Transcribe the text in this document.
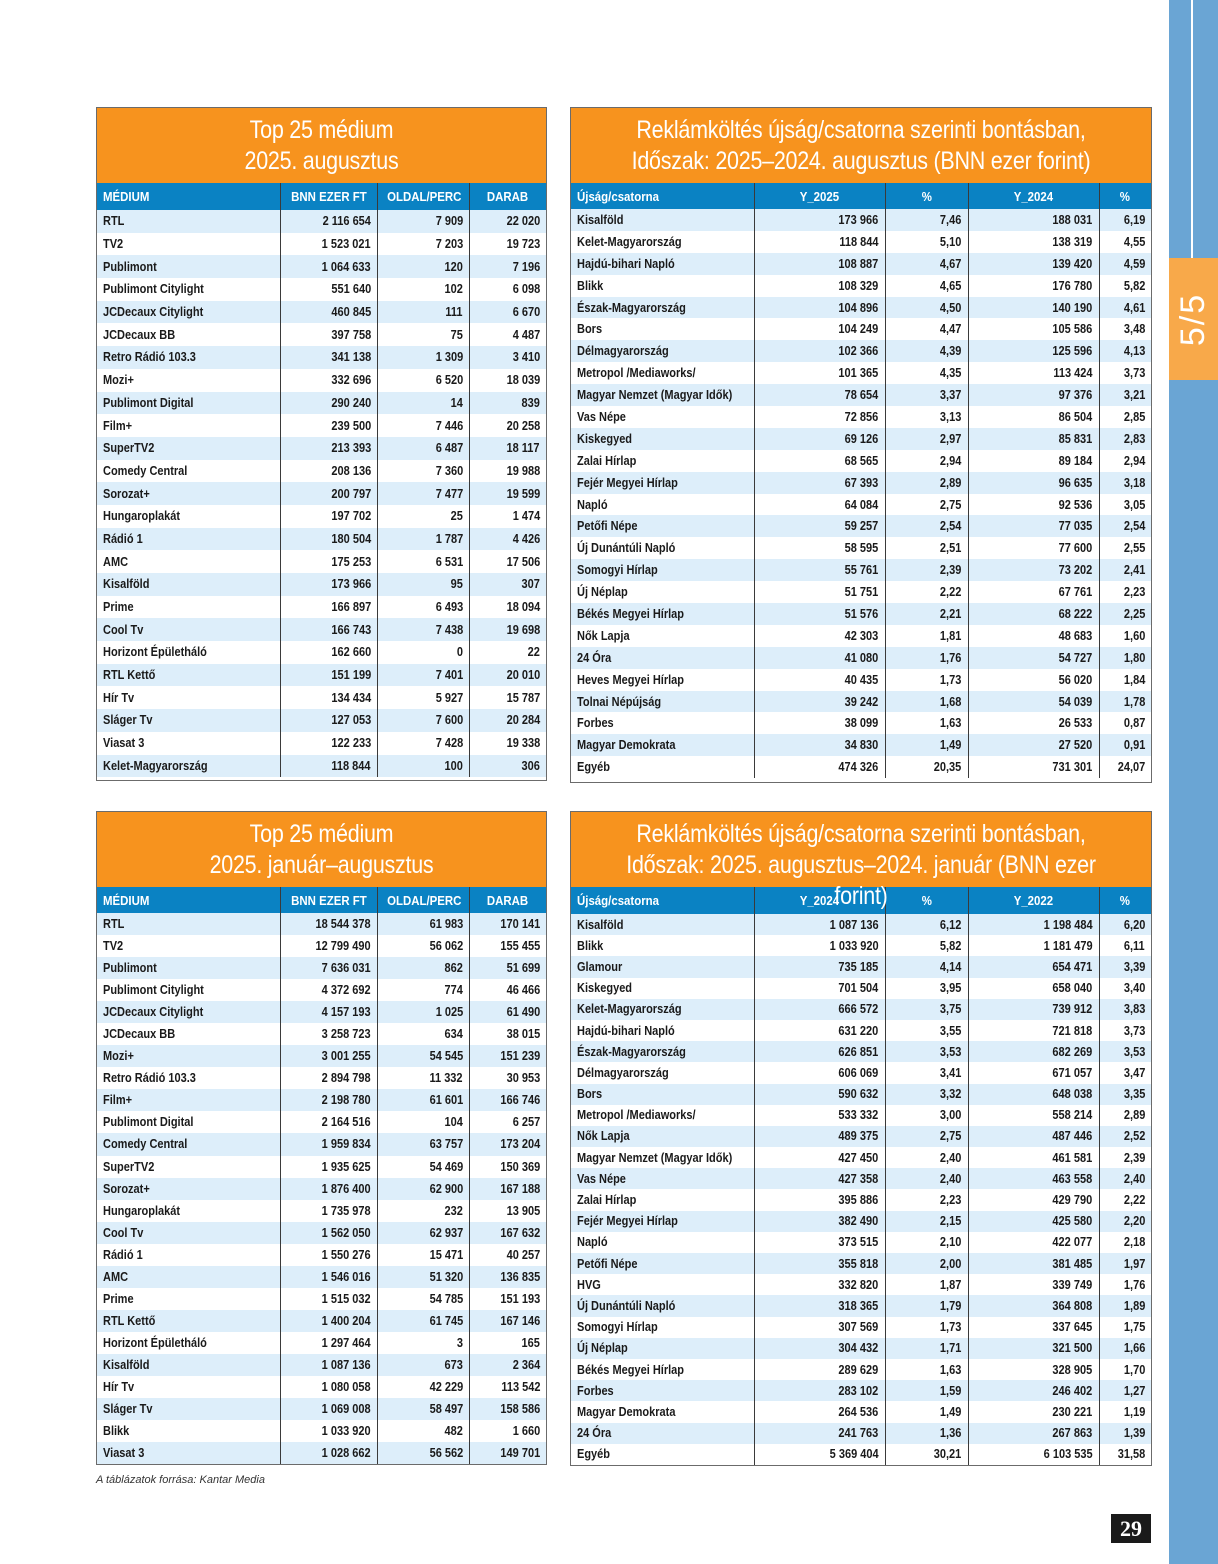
5/5
Top 25 médium
2025. augusztus
MÉDIUM	BNN EZER FT	OLDAL/PERC	DARAB
RTL	2 116 654	7 909	22 020
TV2	1 523 021	7 203	19 723
Publimont	1 064 633	120	7 196
Publimont Citylight	551 640	102	6 098
JCDecaux Citylight	460 845	111	6 670
JCDecaux BB	397 758	75	4 487
Retro Rádió 103.3	341 138	1 309	3 410
Mozi+	332 696	6 520	18 039
Publimont Digital	290 240	14	839
Film+	239 500	7 446	20 258
SuperTV2	213 393	6 487	18 117
Comedy Central	208 136	7 360	19 988
Sorozat+	200 797	7 477	19 599
Hungaroplakát	197 702	25	1 474
Rádió 1	180 504	1 787	4 426
AMC	175 253	6 531	17 506
Kisalföld	173 966	95	307
Prime	166 897	6 493	18 094
Cool Tv	166 743	7 438	19 698
Horizont Épületháló	162 660	0	22
RTL Kettő	151 199	7 401	20 010
Hír Tv	134 434	5 927	15 787
Sláger Tv	127 053	7 600	20 284
Viasat 3	122 233	7 428	19 338
Kelet-Magyarország	118 844	100	306
Reklámköltés újság/csatorna szerinti bontásban,
Időszak: 2025–2024. augusztus (BNN ezer forint)
Újság/csatorna	Y_2025	%	Y_2024	%
Kisalföld	173 966	7,46	188 031	6,19
Kelet-Magyarország	118 844	5,10	138 319	4,55
Hajdú-bihari Napló	108 887	4,67	139 420	4,59
Blikk	108 329	4,65	176 780	5,82
Észak-Magyarország	104 896	4,50	140 190	4,61
Bors	104 249	4,47	105 586	3,48
Délmagyarország	102 366	4,39	125 596	4,13
Metropol /Mediaworks/	101 365	4,35	113 424	3,73
Magyar Nemzet (Magyar Idők)	78 654	3,37	97 376	3,21
Vas Népe	72 856	3,13	86 504	2,85
Kiskegyed	69 126	2,97	85 831	2,83
Zalai Hírlap	68 565	2,94	89 184	2,94
Fejér Megyei Hírlap	67 393	2,89	96 635	3,18
Napló	64 084	2,75	92 536	3,05
Petőfi Népe	59 257	2,54	77 035	2,54
Új Dunántúli Napló	58 595	2,51	77 600	2,55
Somogyi Hírlap	55 761	2,39	73 202	2,41
Új Néplap	51 751	2,22	67 761	2,23
Békés Megyei Hírlap	51 576	2,21	68 222	2,25
Nők Lapja	42 303	1,81	48 683	1,60
24 Óra	41 080	1,76	54 727	1,80
Heves Megyei Hírlap	40 435	1,73	56 020	1,84
Tolnai Népújság	39 242	1,68	54 039	1,78
Forbes	38 099	1,63	26 533	0,87
Magyar Demokrata	34 830	1,49	27 520	0,91
Egyéb	474 326	20,35	731 301	24,07
Top 25 médium
2025. január–augusztus
MÉDIUM	BNN EZER FT	OLDAL/PERC	DARAB
RTL	18 544 378	61 983	170 141
TV2	12 799 490	56 062	155 455
Publimont	7 636 031	862	51 699
Publimont Citylight	4 372 692	774	46 466
JCDecaux Citylight	4 157 193	1 025	61 490
JCDecaux BB	3 258 723	634	38 015
Mozi+	3 001 255	54 545	151 239
Retro Rádió 103.3	2 894 798	11 332	30 953
Film+	2 198 780	61 601	166 746
Publimont Digital	2 164 516	104	6 257
Comedy Central	1 959 834	63 757	173 204
SuperTV2	1 935 625	54 469	150 369
Sorozat+	1 876 400	62 900	167 188
Hungaroplakát	1 735 978	232	13 905
Cool Tv	1 562 050	62 937	167 632
Rádió 1	1 550 276	15 471	40 257
AMC	1 546 016	51 320	136 835
Prime	1 515 032	54 785	151 193
RTL Kettő	1 400 204	61 745	167 146
Horizont Épületháló	1 297 464	3	165
Kisalföld	1 087 136	673	2 364
Hír Tv	1 080 058	42 229	113 542
Sláger Tv	1 069 008	58 497	158 586
Blikk	1 033 920	482	1 660
Viasat 3	1 028 662	56 562	149 701
Reklámköltés újság/csatorna szerinti bontásban,
Időszak: 2025. augusztus–2024. január (BNN ezer forint)
Újság/csatorna	Y_2024	%	Y_2022	%
Kisalföld	1 087 136	6,12	1 198 484	6,20
Blikk	1 033 920	5,82	1 181 479	6,11
Glamour	735 185	4,14	654 471	3,39
Kiskegyed	701 504	3,95	658 040	3,40
Kelet-Magyarország	666 572	3,75	739 912	3,83
Hajdú-bihari Napló	631 220	3,55	721 818	3,73
Észak-Magyarország	626 851	3,53	682 269	3,53
Délmagyarország	606 069	3,41	671 057	3,47
Bors	590 632	3,32	648 038	3,35
Metropol /Mediaworks/	533 332	3,00	558 214	2,89
Nők Lapja	489 375	2,75	487 446	2,52
Magyar Nemzet (Magyar Idők)	427 450	2,40	461 581	2,39
Vas Népe	427 358	2,40	463 558	2,40
Zalai Hírlap	395 886	2,23	429 790	2,22
Fejér Megyei Hírlap	382 490	2,15	425 580	2,20
Napló	373 515	2,10	422 077	2,18
Petőfi Népe	355 818	2,00	381 485	1,97
HVG	332 820	1,87	339 749	1,76
Új Dunántúli Napló	318 365	1,79	364 808	1,89
Somogyi Hírlap	307 569	1,73	337 645	1,75
Új Néplap	304 432	1,71	321 500	1,66
Békés Megyei Hírlap	289 629	1,63	328 905	1,70
Forbes	283 102	1,59	246 402	1,27
Magyar Demokrata	264 536	1,49	230 221	1,19
24 Óra	241 763	1,36	267 863	1,39
Egyéb	5 369 404	30,21	6 103 535	31,58
A táblázatok forrása: Kantar Media
29
